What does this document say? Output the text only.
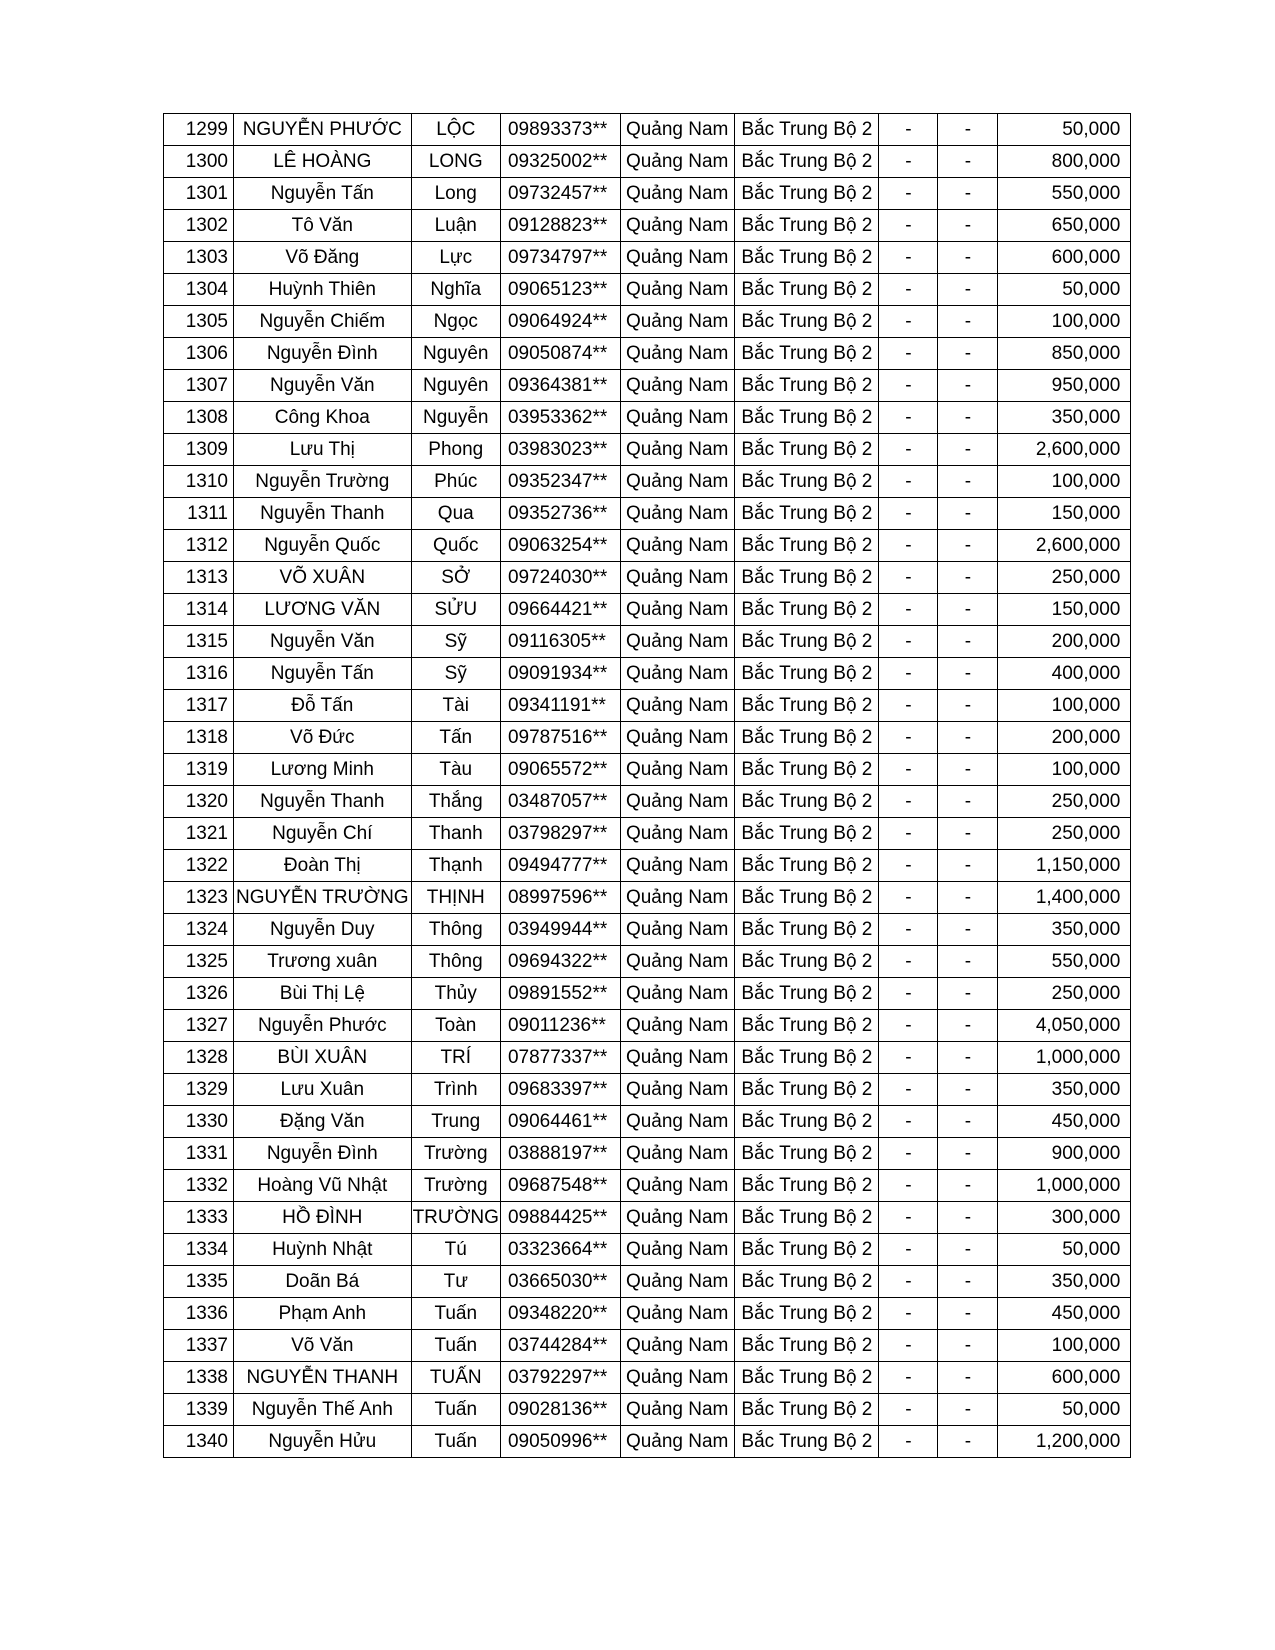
1299	NGUYỄN PHƯỚC	LỘC	09893373**	Quảng Nam	Bắc Trung Bộ 2	-	-	50,000
1300	LÊ HOÀNG	LONG	09325002**	Quảng Nam	Bắc Trung Bộ 2	-	-	800,000
1301	Nguyễn Tấn	Long	09732457**	Quảng Nam	Bắc Trung Bộ 2	-	-	550,000
1302	Tô Văn	Luận	09128823**	Quảng Nam	Bắc Trung Bộ 2	-	-	650,000
1303	Võ Đăng	Lực	09734797**	Quảng Nam	Bắc Trung Bộ 2	-	-	600,000
1304	Huỳnh Thiên	Nghĩa	09065123**	Quảng Nam	Bắc Trung Bộ 2	-	-	50,000
1305	Nguyễn Chiếm	Ngọc	09064924**	Quảng Nam	Bắc Trung Bộ 2	-	-	100,000
1306	Nguyễn Đình	Nguyên	09050874**	Quảng Nam	Bắc Trung Bộ 2	-	-	850,000
1307	Nguyễn Văn	Nguyên	09364381**	Quảng Nam	Bắc Trung Bộ 2	-	-	950,000
1308	Công Khoa	Nguyễn	03953362**	Quảng Nam	Bắc Trung Bộ 2	-	-	350,000
1309	Lưu Thị	Phong	03983023**	Quảng Nam	Bắc Trung Bộ 2	-	-	2,600,000
1310	Nguyễn Trường	Phúc	09352347**	Quảng Nam	Bắc Trung Bộ 2	-	-	100,000
1311	Nguyễn Thanh	Qua	09352736**	Quảng Nam	Bắc Trung Bộ 2	-	-	150,000
1312	Nguyễn Quốc	Quốc	09063254**	Quảng Nam	Bắc Trung Bộ 2	-	-	2,600,000
1313	VÕ XUÂN	SỞ	09724030**	Quảng Nam	Bắc Trung Bộ 2	-	-	250,000
1314	LƯƠNG VĂN	SỬU	09664421**	Quảng Nam	Bắc Trung Bộ 2	-	-	150,000
1315	Nguyễn Văn	Sỹ	09116305**	Quảng Nam	Bắc Trung Bộ 2	-	-	200,000
1316	Nguyễn Tấn	Sỹ	09091934**	Quảng Nam	Bắc Trung Bộ 2	-	-	400,000
1317	Đỗ Tấn	Tài	09341191**	Quảng Nam	Bắc Trung Bộ 2	-	-	100,000
1318	Võ Đức	Tấn	09787516**	Quảng Nam	Bắc Trung Bộ 2	-	-	200,000
1319	Lương Minh	Tàu	09065572**	Quảng Nam	Bắc Trung Bộ 2	-	-	100,000
1320	Nguyễn Thanh	Thắng	03487057**	Quảng Nam	Bắc Trung Bộ 2	-	-	250,000
1321	Nguyễn Chí	Thanh	03798297**	Quảng Nam	Bắc Trung Bộ 2	-	-	250,000
1322	Đoàn Thị	Thạnh	09494777**	Quảng Nam	Bắc Trung Bộ 2	-	-	1,150,000
1323	NGUYỄN TRƯỜNG	THỊNH	08997596**	Quảng Nam	Bắc Trung Bộ 2	-	-	1,400,000
1324	Nguyễn Duy	Thông	03949944**	Quảng Nam	Bắc Trung Bộ 2	-	-	350,000
1325	Trương xuân	Thông	09694322**	Quảng Nam	Bắc Trung Bộ 2	-	-	550,000
1326	Bùi Thị Lệ	Thủy	09891552**	Quảng Nam	Bắc Trung Bộ 2	-	-	250,000
1327	Nguyễn Phước	Toàn	09011236**	Quảng Nam	Bắc Trung Bộ 2	-	-	4,050,000
1328	BÙI XUÂN	TRÍ	07877337**	Quảng Nam	Bắc Trung Bộ 2	-	-	1,000,000
1329	Lưu Xuân	Trình	09683397**	Quảng Nam	Bắc Trung Bộ 2	-	-	350,000
1330	Đặng Văn	Trung	09064461**	Quảng Nam	Bắc Trung Bộ 2	-	-	450,000
1331	Nguyễn Đình	Trường	03888197**	Quảng Nam	Bắc Trung Bộ 2	-	-	900,000
1332	Hoàng Vũ Nhật	Trường	09687548**	Quảng Nam	Bắc Trung Bộ 2	-	-	1,000,000
1333	HỒ ĐÌNH	TRƯỜNG	09884425**	Quảng Nam	Bắc Trung Bộ 2	-	-	300,000
1334	Huỳnh Nhật	Tú	03323664**	Quảng Nam	Bắc Trung Bộ 2	-	-	50,000
1335	Doãn Bá	Tư	03665030**	Quảng Nam	Bắc Trung Bộ 2	-	-	350,000
1336	Phạm Anh	Tuấn	09348220**	Quảng Nam	Bắc Trung Bộ 2	-	-	450,000
1337	Võ Văn	Tuấn	03744284**	Quảng Nam	Bắc Trung Bộ 2	-	-	100,000
1338	NGUYỄN THANH	TUẤN	03792297**	Quảng Nam	Bắc Trung Bộ 2	-	-	600,000
1339	Nguyễn Thế Anh	Tuấn	09028136**	Quảng Nam	Bắc Trung Bộ 2	-	-	50,000
1340	Nguyễn Hửu	Tuấn	09050996**	Quảng Nam	Bắc Trung Bộ 2	-	-	1,200,000
